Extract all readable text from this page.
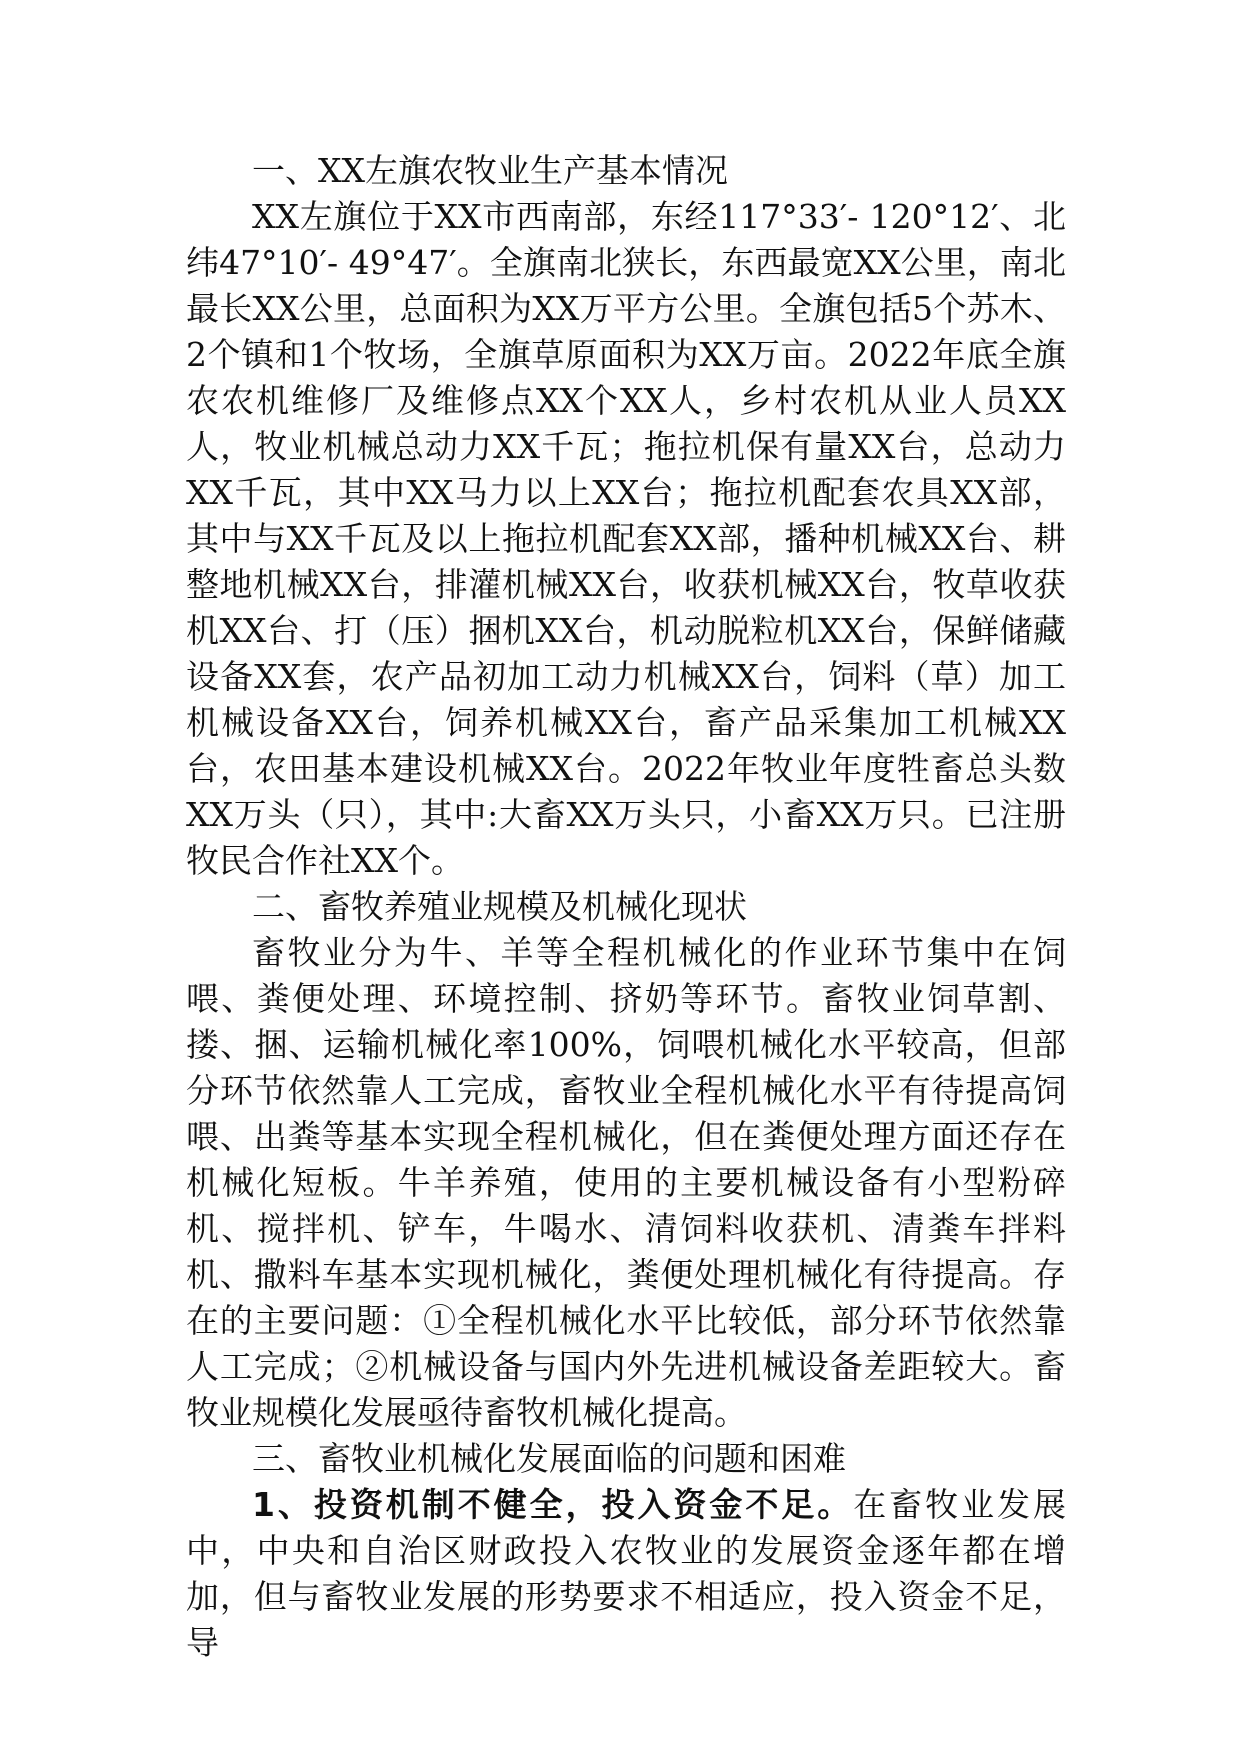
一、XX左旗农牧业生产基本情况

XX左旗位于XX市西南部，东经117°33′- 120°12′、北纬47°10′- 49°47′。全旗南北狭长，东西最宽XX公里，南北最长XX公里，总面积为XX万平方公里。全旗包括5个苏木、2个镇和1个牧场，全旗草原面积为XX万亩。2022年底全旗农农机维修厂及维修点XX个XX人，乡村农机从业人员XX人，牧业机械总动力XX千瓦；拖拉机保有量XX台，总动力XX千瓦，其中XX马力以上XX台；拖拉机配套农具XX部，其中与XX千瓦及以上拖拉机配套XX部，播种机械XX台、耕整地机械XX台，排灌机械XX台，收获机械XX台，牧草收获机XX台、打（压）捆机XX台，机动脱粒机XX台，保鲜储藏设备XX套，农产品初加工动力机械XX台，饲料（草）加工机械设备XX台，饲养机械XX台，畜产品采集加工机械XX台，农田基本建设机械XX台。2022年牧业年度牲畜总头数XX万头（只），其中:大畜XX万头只，小畜XX万只。已注册牧民合作社XX个。

二、畜牧养殖业规模及机械化现状

畜牧业分为牛、羊等全程机械化的作业环节集中在饲喂、粪便处理、环境控制、挤奶等环节。畜牧业饲草割、搂、捆、运输机械化率100%，饲喂机械化水平较高，但部分环节依然靠人工完成，畜牧业全程机械化水平有待提高饲喂、出粪等基本实现全程机械化，但在粪便处理方面还存在机械化短板。牛羊养殖，使用的主要机械设备有小型粉碎机、搅拌机、铲车，牛喝水、清饲料收获机、清粪车拌料机、撒料车基本实现机械化，粪便处理机械化有待提高。存在的主要问题：①全程机械化水平比较低，部分环节依然靠人工完成；②机械设备与国内外先进机械设备差距较大。畜牧业规模化发展亟待畜牧机械化提高。

三、畜牧业机械化发展面临的问题和困难

1、投资机制不健全，投入资金不足。在畜牧业发展中，中央和自治区财政投入农牧业的发展资金逐年都在增加，但与畜牧业发展的形势要求不相适应，投入资金不足，导
